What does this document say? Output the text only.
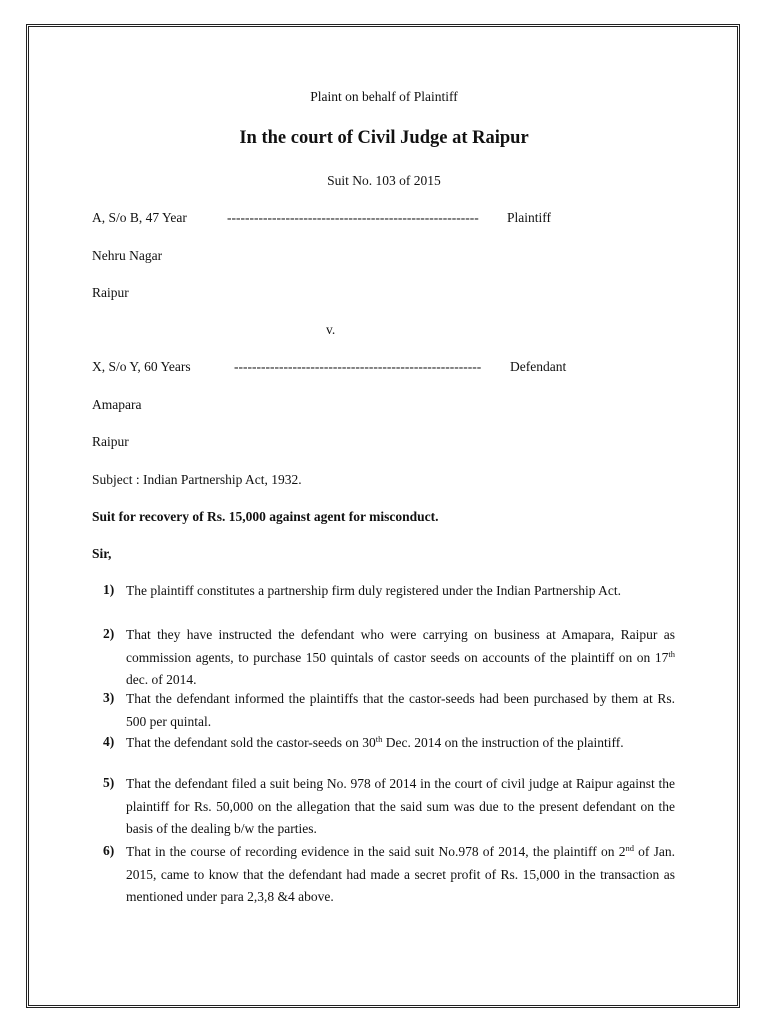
Plaint on behalf of Plaintiff
In the court of Civil Judge at Raipur
Suit No. 103 of 2015
A, S/o B, 47 Year	-------------------------------------------------------- Plaintiff
Nehru Nagar
Raipur
v.
X, S/o Y, 60 Years	------------------------------------------------------- Defendant
Amapara
Raipur
Subject : Indian Partnership Act, 1932.
Suit for recovery of Rs. 15,000 against agent for misconduct.
Sir,
1) The plaintiff constitutes a partnership firm duly registered under the Indian Partnership Act.
2) That they have instructed the defendant who were carrying on business at Amapara, Raipur as commission agents, to purchase 150 quintals of castor seeds on accounts of the plaintiff on on 17th dec. of 2014.
3) That the defendant informed the plaintiffs that the castor-seeds had been purchased by them at Rs. 500 per quintal.
4) That the defendant sold the castor-seeds on 30th Dec. 2014 on the instruction of the plaintiff.
5) That the defendant filed a suit being No. 978 of 2014 in the court of civil judge at Raipur against the plaintiff for Rs. 50,000 on the allegation that the said sum was due to the present defendant on the basis of the dealing b/w the parties.
6) That in the course of recording evidence in the said suit No.978 of 2014, the plaintiff on 2nd of Jan. 2015, came to know that the defendant had made a secret profit of Rs. 15,000 in the transaction as mentioned under para 2,3,8 &4 above.
